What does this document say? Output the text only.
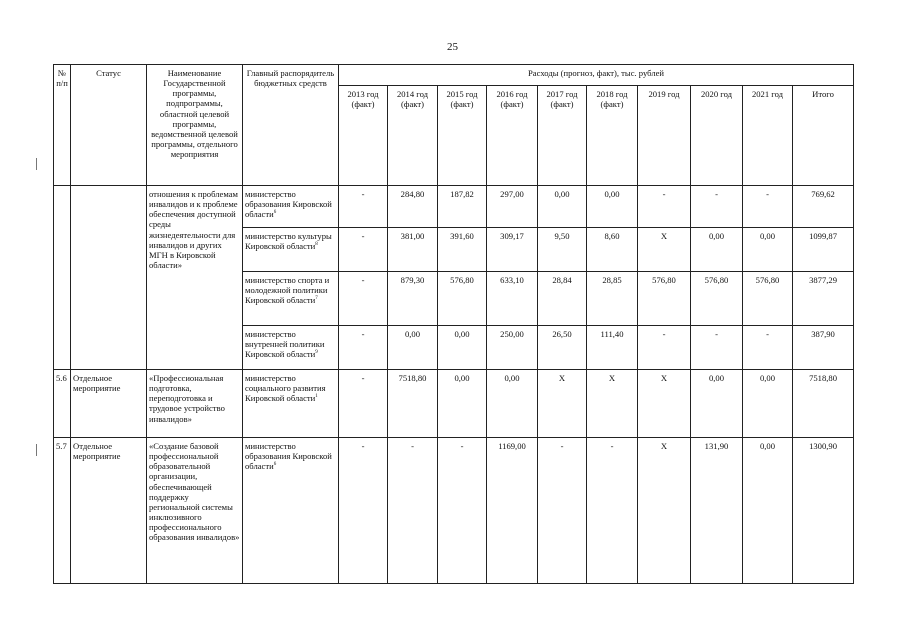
25
№ п/п	Статус	Наименование Государственной программы, подпрограммы, областной целевой программы, ведомственной целевой программы, отдельного мероприятия	Главный распорядитель бюджетных средств	Расходы (прогноз, факт), тыс. рублей									
				2013 год (факт)	2014 год (факт)	2015 год (факт)	2016 год (факт)	2017 год (факт)	2018 год (факт)	2019 год	2020 год	2021 год	Итого
		отношения к проблемам инвалидов и к проблеме обеспечения доступной среды жизнедеятельности для инвалидов и других МГН в Кировской области»	министерство образования Кировской области$^6$	-	284,80	187,82	297,00	0,00	0,00	-	-	-	769,62
			министерство культуры Кировской области$^8$	-	381,00	391,60	309,17	9,50	8,60	X	0,00	0,00	1099,87
			министерство спорта и молодежной политики Кировской области$^7$	-	879,30	576,80	633,10	28,84	28,85	576,80	576,80	576,80	3877,29
			министерство внутренней политики Кировской области$^9$	-	0,00	0,00	250,00	26,50	111,40	-	-	-	387,90
5.6	Отдельное мероприятие	«Профессиональная подготовка, переподготовка и трудовое устройство инвалидов»	министерство социального развития Кировской области$^1$	-	7518,80	0,00	0,00	X	X	X	0,00	0,00	7518,80
5.7	Отдельное мероприятие	«Создание базовой профессиональной образовательной организации, обеспечивающей поддержку региональной системы инклюзивного профессионального образования инвалидов»	министерство образования Кировской области$^6$	-	-	-	1169,00	-	-	X	131,90	0,00	1300,90
